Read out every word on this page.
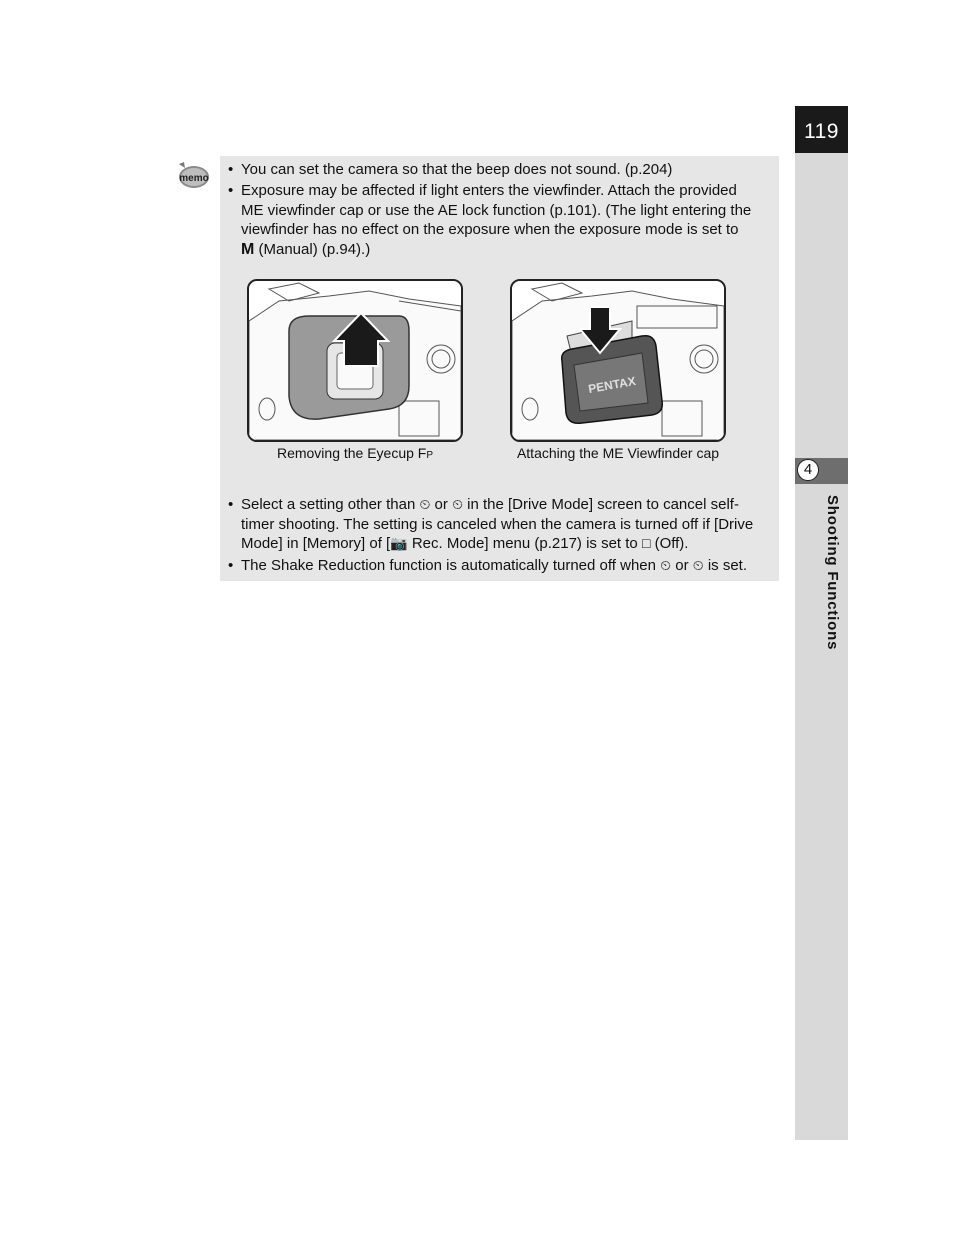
119
4
Shooting Functions
memo
• You can set the camera so that the beep does not sound. (p.204)
• Exposure may be affected if light enters the viewfinder. Attach the provided
ME viewfinder cap or use the AE lock function (p.101). (The light entering the
viewfinder has no effect on the exposure when the exposure mode is set to
M (Manual) (p.94).)
Removing the Eyecup FP
PENTAX
Attaching the ME Viewfinder cap
• Select a setting other than ⏲ or ⏲ in the [Drive Mode] screen to cancel self-
timer shooting. The setting is canceled when the camera is turned off if [Drive
Mode] in [Memory] of [📷 Rec. Mode] menu (p.217) is set to □ (Off).
• The Shake Reduction function is automatically turned off when ⏲ or ⏲ is set.
